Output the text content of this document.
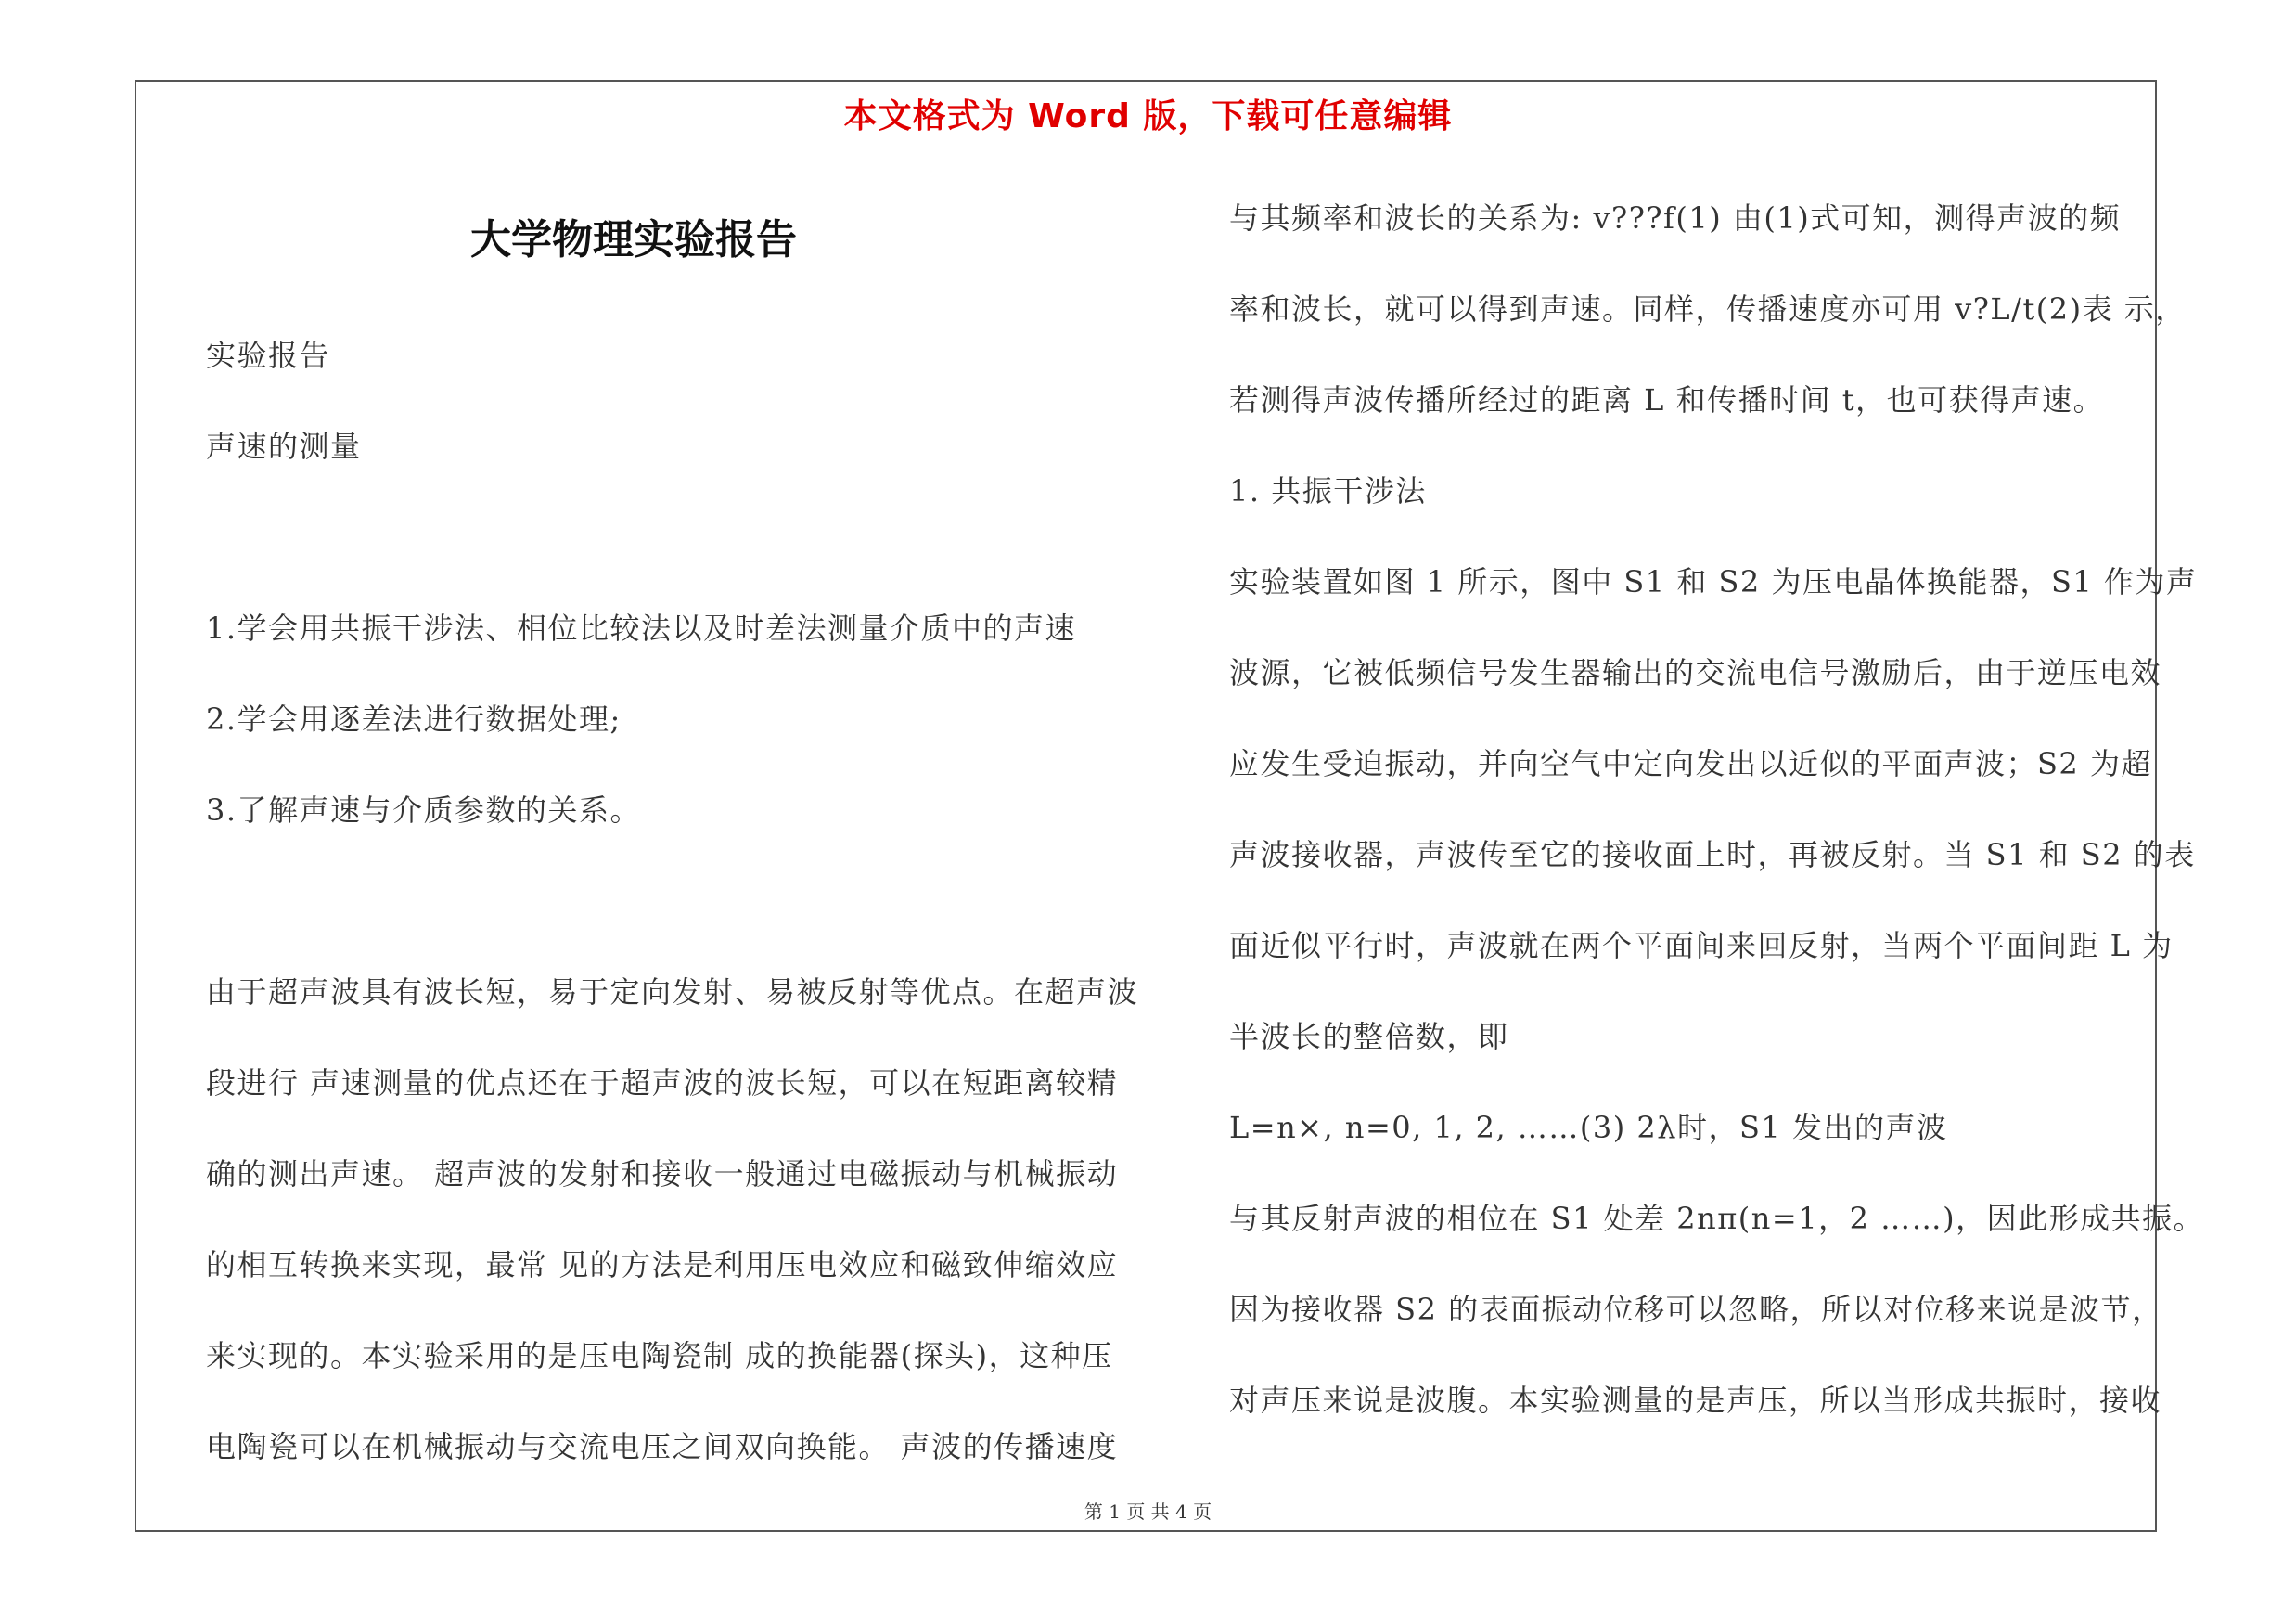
本文格式为 Word 版，下载可任意编辑
大学物理实验报告
实验报告
声速的测量
1.学会用共振干涉法、相位比较法以及时差法测量介质中的声速
2.学会用逐差法进行数据处理;
3.了解声速与介质参数的关系。
由于超声波具有波长短，易于定向发射、易被反射等优点。在超声波
段进行 声速测量的优点还在于超声波的波长短，可以在短距离较精
确的测出声速。 超声波的发射和接收一般通过电磁振动与机械振动
的相互转换来实现，最常 见的方法是利用压电效应和磁致伸缩效应
来实现的。本实验采用的是压电陶瓷制 成的换能器(探头)，这种压
电陶瓷可以在机械振动与交流电压之间双向换能。 声波的传播速度
与其频率和波长的关系为: v???f(1) 由(1)式可知，测得声波的频
率和波长，就可以得到声速。同样，传播速度亦可用 v?L/t(2)表 示，
若测得声波传播所经过的距离 L 和传播时间 t，也可获得声速。
1. 共振干涉法
实验装置如图 1 所示，图中 S1 和 S2 为压电晶体换能器，S1 作为声
波源，它被低频信号发生器输出的交流电信号激励后，由于逆压电效
应发生受迫振动，并向空气中定向发出以近似的平面声波；S2 为超
声波接收器，声波传至它的接收面上时，再被反射。当 S1 和 S2 的表
面近似平行时，声波就在两个平面间来回反射，当两个平面间距 L 为
半波长的整倍数，即
L=n×, n=0, 1, 2, ……(3) 2λ时，S1 发出的声波
与其反射声波的相位在 S1 处差 2nπ(n=1，2 ……)，因此形成共振。
因为接收器 S2 的表面振动位移可以忽略，所以对位移来说是波节，
对声压来说是波腹。本实验测量的是声压，所以当形成共振时，接收
第 1 页 共 4 页
